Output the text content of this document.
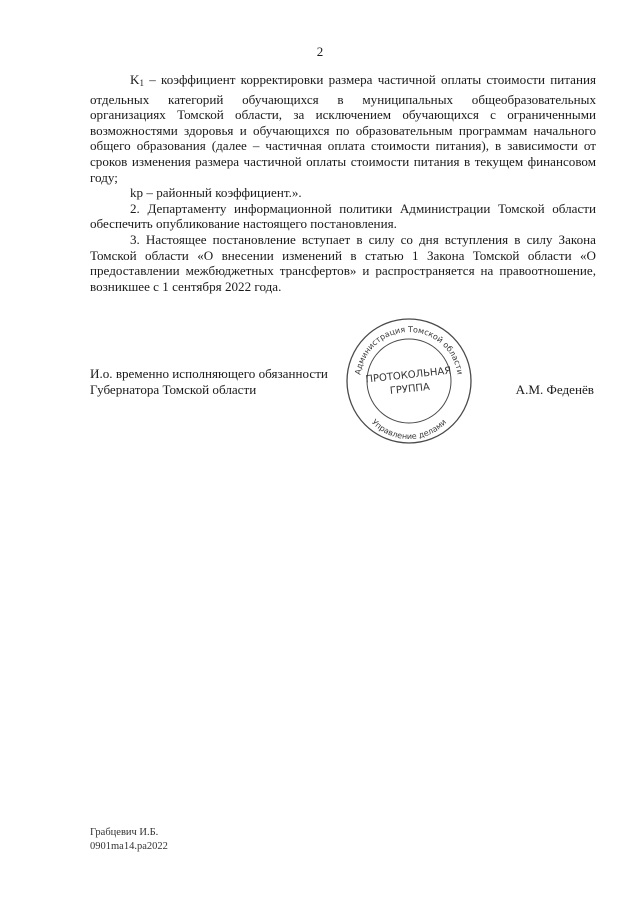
2

$K_1$ – коэффициент корректировки размера частичной оплаты стоимости питания отдельных категорий обучающихся в муниципальных общеобразовательных организациях Томской области, за исключением обучающихся с ограниченными возможностями здоровья и обучающихся по образовательным программам начального общего образования (далее – частичная оплата стоимости питания), в зависимости от сроков изменения размера частичной оплаты стоимости питания в текущем финансовом году;

kp – районный коэффициент.».

2. Департаменту информационной политики Администрации Томской области обеспечить опубликование настоящего постановления.

3. Настоящее постановление вступает в силу со дня вступления в силу Закона Томской области «О внесении изменений в статью 1 Закона Томской области «О предоставлении межбюджетных трансфертов» и распространяется на правоотношение, возникшее с 1 сентября 2022 года.

И.о. временно исполняющего обязанности
Губернатора Томской области
Администрация Томской области
Управление делами
ПРОТОКОЛЬНАЯ
ГРУППА	А.М. Феденёв
Грабцевич И.Б.
0901ma14.pa2022
